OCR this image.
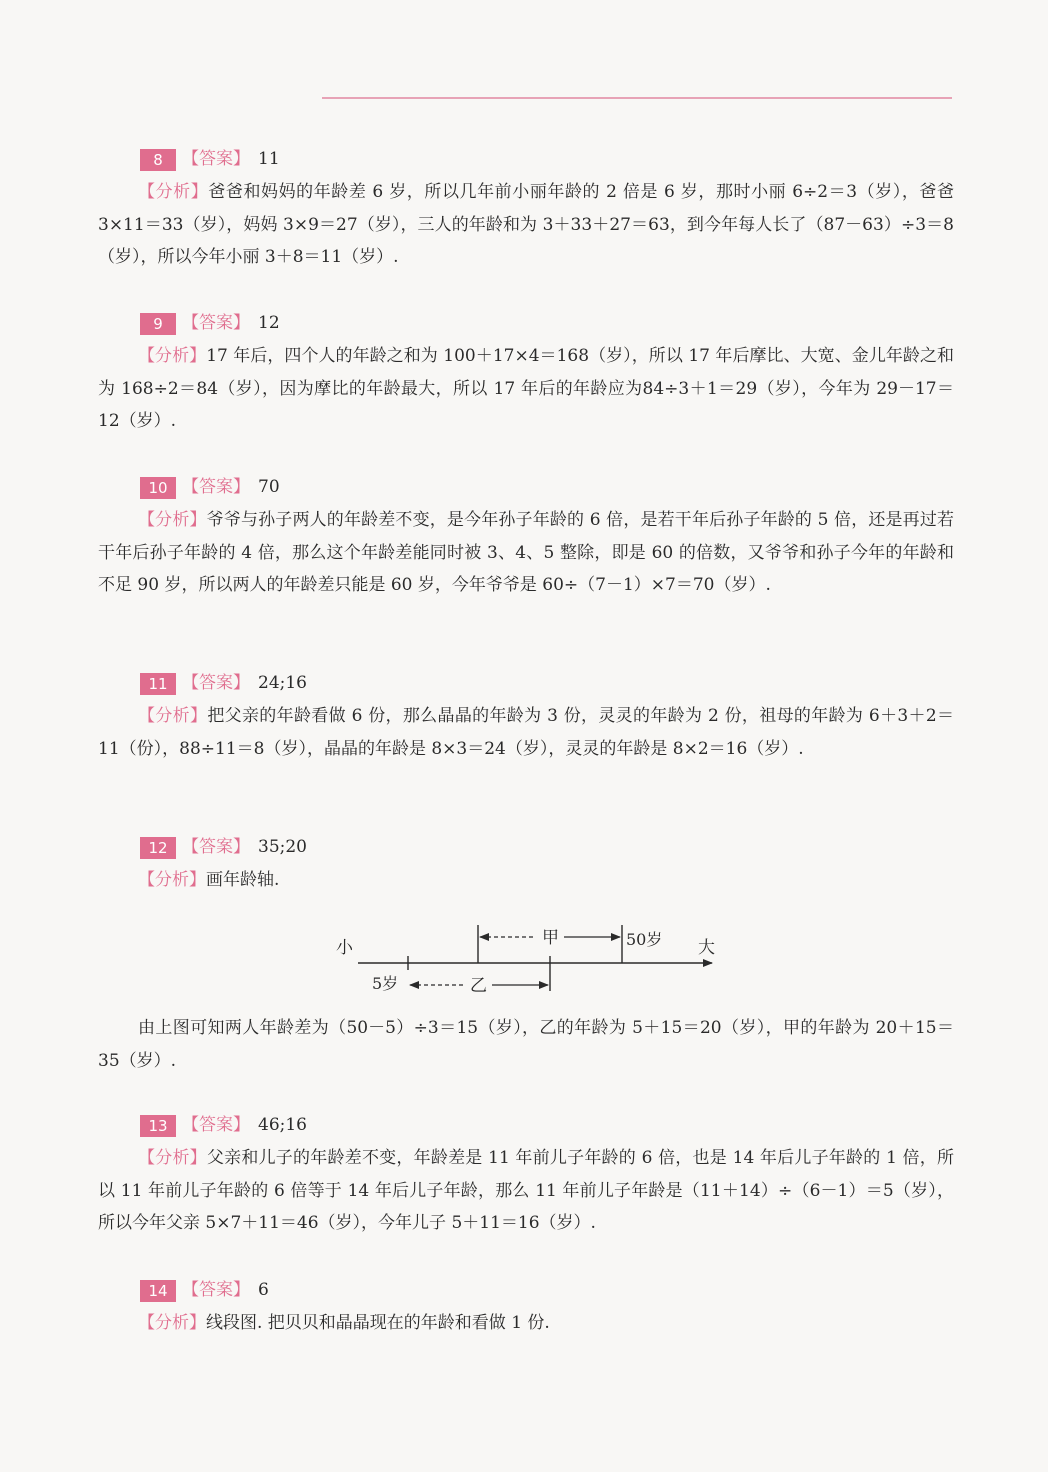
8	【答案】 11
【分析】爸爸和妈妈的年龄差 6 岁，所以几年前小丽年龄的 2 倍是 6 岁，那时小丽 6÷2＝3（岁），爸爸 3×11＝33（岁），妈妈 3×9＝27（岁），三人的年龄和为 3＋33＋27＝63，到今年每人长了（87－63）÷3＝8（岁），所以今年小丽 3＋8＝11（岁）.
9	【答案】 12
【分析】17 年后，四个人的年龄之和为 100＋17×4＝168（岁），所以 17 年后摩比、大宽、金儿年龄之和为 168÷2＝84（岁），因为摩比的年龄最大，所以 17 年后的年龄应为84÷3＋1＝29（岁），今年为 29－17＝12（岁）.
10 【答案】 70
【分析】爷爷与孙子两人的年龄差不变，是今年孙子年龄的 6 倍，是若干年后孙子年龄的 5 倍，还是再过若干年后孙子年龄的 4 倍，那么这个年龄差能同时被 3、4、5 整除，即是 60 的倍数，又爷爷和孙子今年的年龄和不足 90 岁，所以两人的年龄差只能是 60 岁，今年爷爷是 60÷（7－1）×7＝70（岁）.
11 【答案】 24;16
【分析】把父亲的年龄看做 6 份，那么晶晶的年龄为 3 份，灵灵的年龄为 2 份，祖母的年龄为 6＋3＋2＝11（份），88÷11＝8（岁），晶晶的年龄是 8×3＝24（岁），灵灵的年龄是 8×2＝16（岁）.
12 【答案】 35;20
【分析】画年龄轴.
小	大
甲	50岁
5岁	乙
由上图可知两人年龄差为（50－5）÷3＝15（岁），乙的年龄为 5＋15＝20（岁），甲的年龄为 20＋15＝35（岁）.
13 【答案】 46;16
【分析】父亲和儿子的年龄差不变，年龄差是 11 年前儿子年龄的 6 倍，也是 14 年后儿子年龄的 1 倍，所以 11 年前儿子年龄的 6 倍等于 14 年后儿子年龄，那么 11 年前儿子年龄是（11＋14）÷（6－1）＝5（岁），所以今年父亲 5×7＋11＝46（岁），今年儿子 5＋11＝16（岁）.
14 【答案】 6
【分析】线段图. 把贝贝和晶晶现在的年龄和看做 1 份.
